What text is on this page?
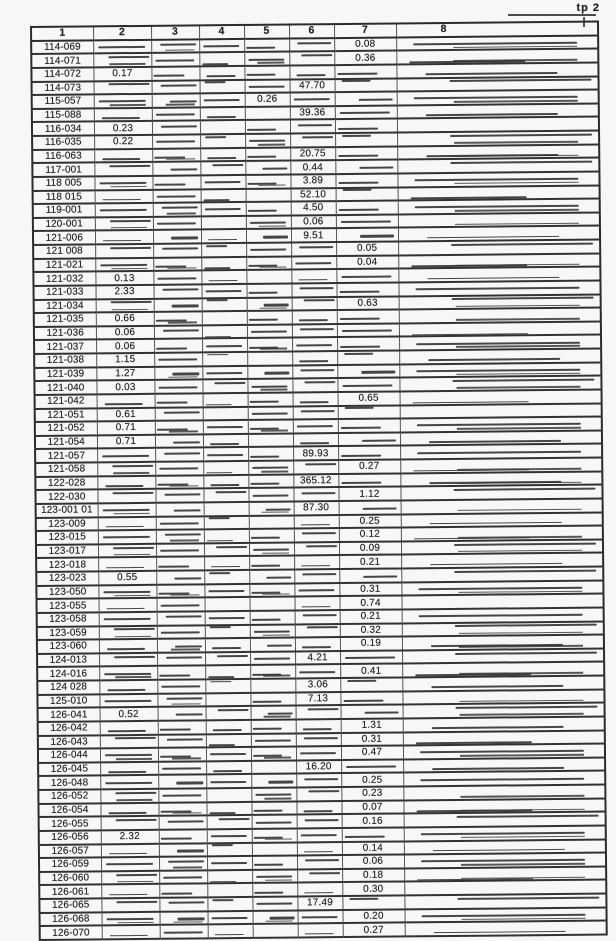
tp 2
1	2	3	4	5	6	7	8
114-069						0.08	
114-071						0.36	
114-072	0.17						
114-073					47.70		
115-057				0.26			
115-088					39.36		
116-034	0.23						
116-035	0.22						
116-063					20.75		
117-001					0.44		
118 005					3.89		
118 015					52.10		
119-001					4.50		
120-001					0.06		
121-006					9.51		
121 008						0.05	
121-021						0.04	
121-032	0.13						
121-033	2.33						
121-034						0.63	
121-035	0.66						
121-036	0.06						
121-037	0.06						
121-038	1.15						
121-039	1.27						
121-040	0.03						
121-042						0.65	
121-051	0.61						
121-052	0.71						
121-054	0.71						
121-057					89.93		
121-058						0.27	
122-028					365.12		
122-030						1.12	
123-001 01					87.30		
123-009						0.25	
123-015						0.12	
123-017						0.09	
123-018						0.21	
123-023	0.55						
123-050						0.31	
123-055						0.74	
123-058						0.21	
123-059						0.32	
123-060						0.19	
124-013					4.21		
124-016						0.41	
124 028					3.06		
125-010					7.13		
126-041	0.52						
126-042						1.31	
126-043						0.31	
126-044						0.47	
126-045					16.20		
126-048						0.25	
126-052						0.23	
126-054						0.07	
126-055						0.16	
126-056	2.32						
126-057						0.14	
126-059						0.06	
126-060						0.18	
126-061						0.30	
126-065					17.49		
126-068						0.20	
126-070						0.27	
